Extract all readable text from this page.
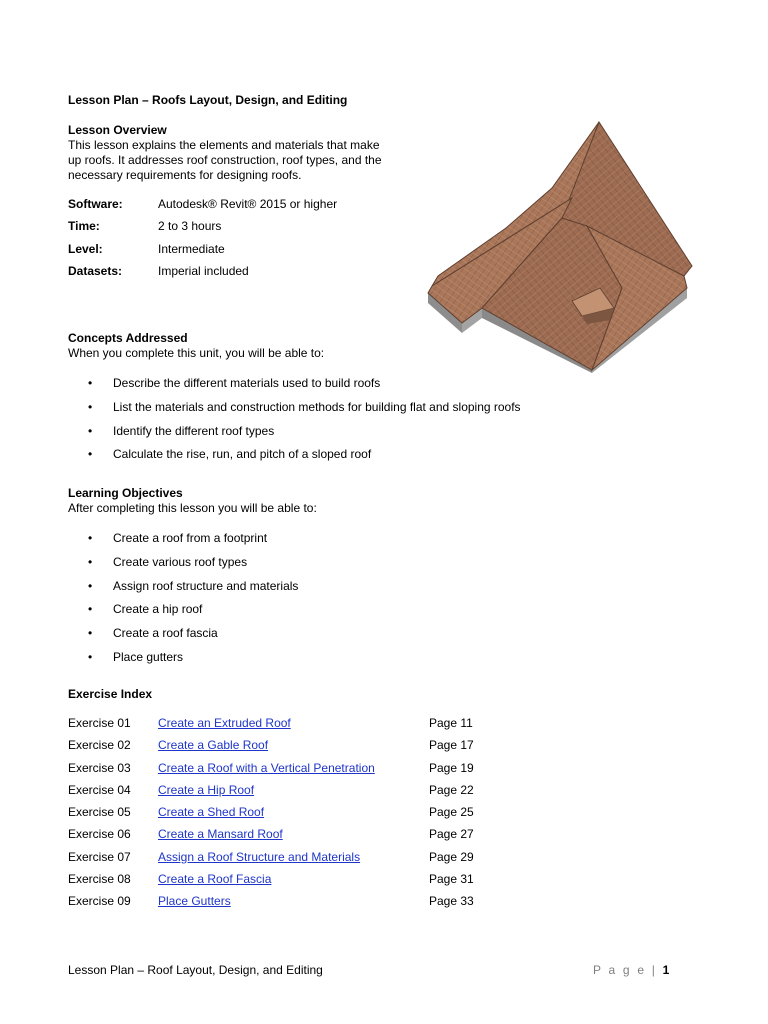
Lesson Plan – Roofs Layout, Design, and Editing
Lesson Overview
This lesson explains the elements and materials that make
up roofs. It addresses roof construction, roof types, and the
necessary requirements for designing roofs.
Software:	Autodesk® Revit® 2015 or higher
Time:	2 to 3 hours
Level:	Intermediate
Datasets:	Imperial included
Concepts Addressed
When you complete this unit, you will be able to:
• Describe the different materials used to build roofs
• List the materials and construction methods for building flat and sloping roofs
• Identify the different roof types
• Calculate the rise, run, and pitch of a sloped roof
Learning Objectives
After completing this lesson you will be able to:
• Create a roof from a footprint
• Create various roof types
• Assign roof structure and materials
• Create a hip roof
• Create a roof fascia
• Place gutters
Exercise Index
Exercise 01	Create an Extruded Roof	Page 11
Exercise 02	Create a Gable Roof	Page 17
Exercise 03	Create a Roof with a Vertical Penetration	Page 19
Exercise 04	Create a Hip Roof	Page 22
Exercise 05	Create a Shed Roof	Page 25
Exercise 06	Create a Mansard Roof	Page 27
Exercise 07	Assign a Roof Structure and Materials	Page 29
Exercise 08	Create a Roof Fascia	Page 31
Exercise 09	Place Gutters	Page 33
Lesson Plan – Roof Layout, Design, and Editing	P a g e | 1
